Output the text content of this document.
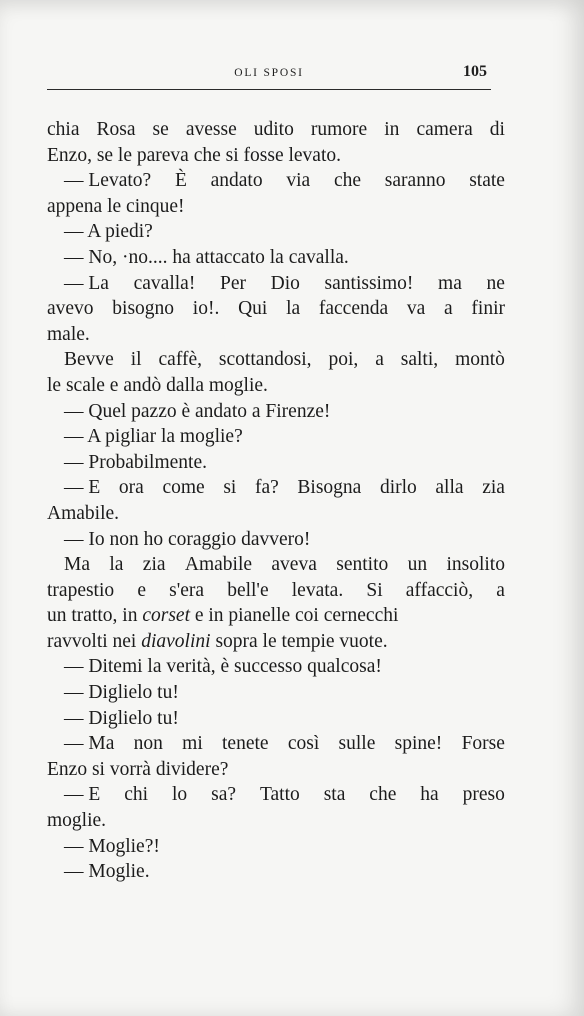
OLI SPOSI	105
chia Rosa se avesse udito rumore in camera di
Enzo, se le pareva che si fosse levato.
— Levato? È andato via che saranno state
appena le cinque!
— A piedi?
— No, ·no.... ha attaccato la cavalla.
— La cavalla! Per Dio santissimo! ma ne
avevo bisogno io!. Qui la faccenda va a finir
male.
Bevve il caffè, scottandosi, poi, a salti, montò
le scale e andò dalla moglie.
— Quel pazzo è andato a Firenze!
— A pigliar la moglie?
— Probabilmente.
— E ora come si fa? Bisogna dirlo alla zia
Amabile.
— Io non ho coraggio davvero!
Ma la zia Amabile aveva sentito un insolito
trapestio e s'era bell'e levata. Si affacciò, a
un tratto, in corset e in pianelle coi cernecchi
ravvolti nei diavolini sopra le tempie vuote.
— Ditemi la verità, è successo qualcosa!
— Diglielo tu!
— Diglielo tu!
— Ma non mi tenete così sulle spine! Forse
Enzo si vorrà dividere?
— E chi lo sa? Tatto sta che ha preso
moglie.
— Moglie?!
— Moglie.
